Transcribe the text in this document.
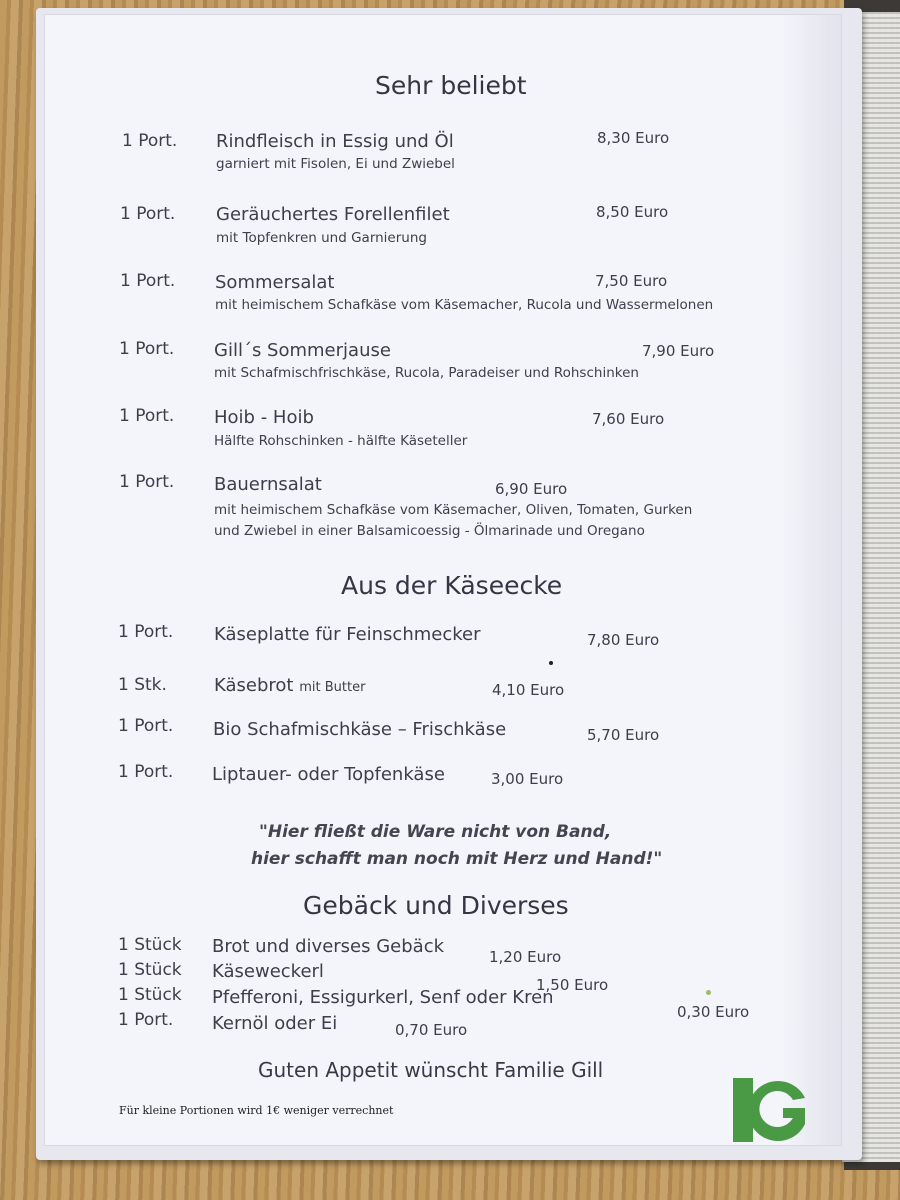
Sehr beliebt
1 Port. Rindfleisch in Essig und Öl
garniert mit Fisolen, Ei und Zwiebel
8,30 Euro
1 Port. Geräuchertes Forellenfilet
mit Topfenkren und Garnierung
8,50 Euro
1 Port. Sommersalat
mit heimischem Schafkäse vom Käsemacher, Rucola und Wassermelonen
7,50 Euro
1 Port. Gill´s Sommerjause
mit Schafmischfrischkäse, Rucola, Paradeiser und Rohschinken
7,90 Euro
1 Port. Hoib - Hoib
Hälfte Rohschinken - hälfte Käseteller
7,60 Euro
1 Port. Bauernsalat	6,90 Euro
mit heimischem Schafkäse vom Käsemacher, Oliven, Tomaten, Gurken
und Zwiebel in einer Balsamicoessig - Ölmarinade und Oregano
Aus der Käseecke
1 Port. Käseplatte für Feinschmecker	7,80 Euro
1 Stk.	Käsebrot mit Butter	4,10 Euro
1 Port. Bio Schafmischkäse – Frischkäse	5,70 Euro
1 Port. Liptauer- oder Topfenkäse	3,00 Euro
"Hier fließt die Ware nicht von Band,
hier schafft man noch mit Herz und Hand!"
Gebäck und Diverses
1 Stück Brot und diverses Gebäck	1,20 Euro
1 Stück Käseweckerl
1,50 Euro
1 Stück Pfefferoni, Essigurkerl, Senf oder Kren
0,30 Euro
1 Port. Kernöl oder Ei	0,70 Euro
Guten Appetit wünscht Familie Gill
Für kleine Portionen wird 1€ weniger verrechnet
